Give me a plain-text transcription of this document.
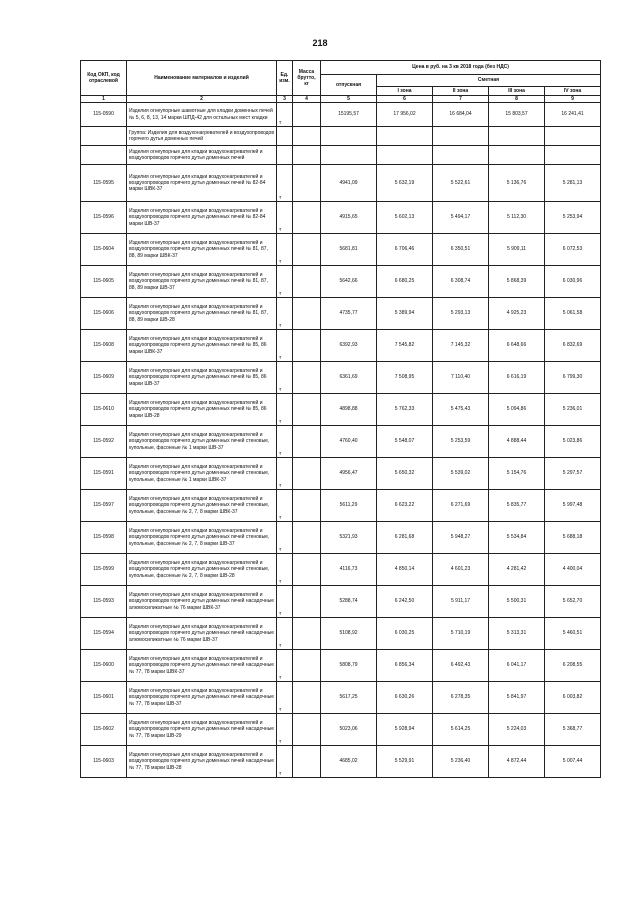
218
Код ОКП, код отраслевой	Наименование материалов и изделий	Ед. изм.	Масса брутто, кг	Цена в руб. на 3 кв 2018 года (без НДС)				
				отпускная	Сметная			
					I зона	II зона	III зона	IV зона
1	2	3	4	5	6	7	8	9
115-0590	Изделия огнеупорные шамотные для кладки доменных печей № 5, 6, 8, 13, 14 марки ШПД-42 для остальных мест кладки	т		15195,57	17 956,02	16 684,04	15 803,57	16 241,41
	Группа: Изделия для воздухонагревателей и воздухопроводов горячего дутья доменных печей							
	Изделия огнеупорные для кладки воздухонагревателей и воздухопроводов горячего дутья доменных печей							
115-0595	Изделия огнеупорные для кладки воздухонагревателей и воздухопроводов горячего дутья доменных печей № 82-84 марки ШВК-37	т		4941,09	5 632,19	5 522,61	5 136,76	5 281,13
115-0596	Изделия огнеупорные для кладки воздухонагревателей и воздухопроводов горячего дутья доменных печей № 82-84 марки ШВ-37	т		4915,65	5 602,13	5 494,17	5 112,30	5 253,94
115-0604	Изделия огнеупорные для кладки воздухонагревателей и воздухопроводов горячего дутья доменных печей № 81, 87, 88, 89 марки ШВК-37	т		5681,81	6 706,46	6 350,51	5 909,11	6 072,53
115-0605	Изделия огнеупорные для кладки воздухонагревателей и воздухопроводов горячего дутья доменных печей № 81, 87, 88, 89 марки ШВ-37	т		5642,66	6 680,25	6 308,74	5 868,39	6 030,96
115-0606	Изделия огнеупорные для кладки воздухонагревателей и воздухопроводов горячего дутья доменных печей № 81, 87, 88, 89 марки ШВ-28	т		4735,77	5 389,94	5 293,13	4 925,23	5 061,58
115-0608	Изделия огнеупорные для кладки воздухонагревателей и воздухопроводов горячего дутья доменных печей № 85, 86 марки ШВК-37	т		6392,93	7 545,82	7 145,32	6 648,66	6 832,69
115-0609	Изделия огнеупорные для кладки воздухонагревателей и воздухопроводов горячего дутья доменных печей № 85, 86 марки ШВ-37	т		6361,69	7 508,95	7 110,40	6 616,19	6 799,30
115-0610	Изделия огнеупорные для кладки воздухонагревателей и воздухопроводов горячего дутья доменных печей № 85, 86 марки ШВ-28	т		4898,88	5 762,33	5 475,43	5 094,86	5 236,01
115-0592	Изделия огнеупорные для кладки воздухонагревателей и воздухопроводов горячего дутья доменных печей стеновые, купольные, фасонные № 1 марки ШВ-37	т		4760,40	5 548,07	5 253,59	4 888,44	5 023,86
115-0591	Изделия огнеупорные для кладки воздухонагревателей и воздухопроводов горячего дутья доменных печей стеновые, купольные, фасонные № 1 марки ШВК-37	т		4956,47	5 650,32	5 539,02	5 154,76	5 297,57
115-0597	Изделия огнеупорные для кладки воздухонагревателей и воздухопроводов горячего дутья доменных печей стеновые, купольные, фасонные № 2, 7, 8 марки ШВК-37	т		5611,29	6 623,22	6 271,69	5 835,77	5 997,48
115-0598	Изделия огнеупорные для кладки воздухонагревателей и воздухопроводов горячего дутья доменных печей стеновые, купольные, фасонные № 2, 7, 8 марки ШВ-37	т		5321,93	6 281,68	5 948,27	5 534,84	5 688,18
115-0599	Изделия огнеупорные для кладки воздухонагревателей и воздухопроводов горячего дутья доменных печей стеновые, купольные, фасонные № 2, 7, 8 марки ШВ-28	т		4116,73	4 850,14	4 601,23	4 281,42	4 400,04
115-0593	Изделия огнеупорные для кладки воздухонагревателей и воздухопроводов горячего дутья доменных печей насадочные алюмосиликатные № 76 марки ШВК-37	т		5288,74	6 242,50	5 911,17	5 500,31	5 652,70
115-0594	Изделия огнеупорные для кладки воздухонагревателей и воздухопроводов горячего дутья доменных печей насадочные алюмосиликатные № 76 марки ШВ-37	т		5108,92	6 030,25	5 710,19	5 313,31	5 460,51
115-0600	Изделия огнеупорные для кладки воздухонагревателей и воздухопроводов горячего дутья доменных печей насадочные № 77, 78 марки ШВК-37	т		5808,79	6 856,34	6 492,43	6 041,17	6 208,55
115-0601	Изделия огнеупорные для кладки воздухонагревателей и воздухопроводов горячего дутья доменных печей насадочные № 77, 78 марки ШВ-37	т		5617,25	6 630,26	6 278,35	5 841,97	6 003,82
115-0602	Изделия огнеупорные для кладки воздухонагревателей и воздухопроводов горячего дутья доменных печей насадочные № 77, 78 марки ШВ-29	т		5023,06	5 928,94	5 614,25	5 224,03	5 368,77
115-0603	Изделия огнеупорные для кладки воздухонагревателей и воздухопроводов горячего дутья доменных печей насадочные № 77, 78 марки ШВ-28	т		4685,02	5 529,91	5 236,40	4 872,44	5 007,44
